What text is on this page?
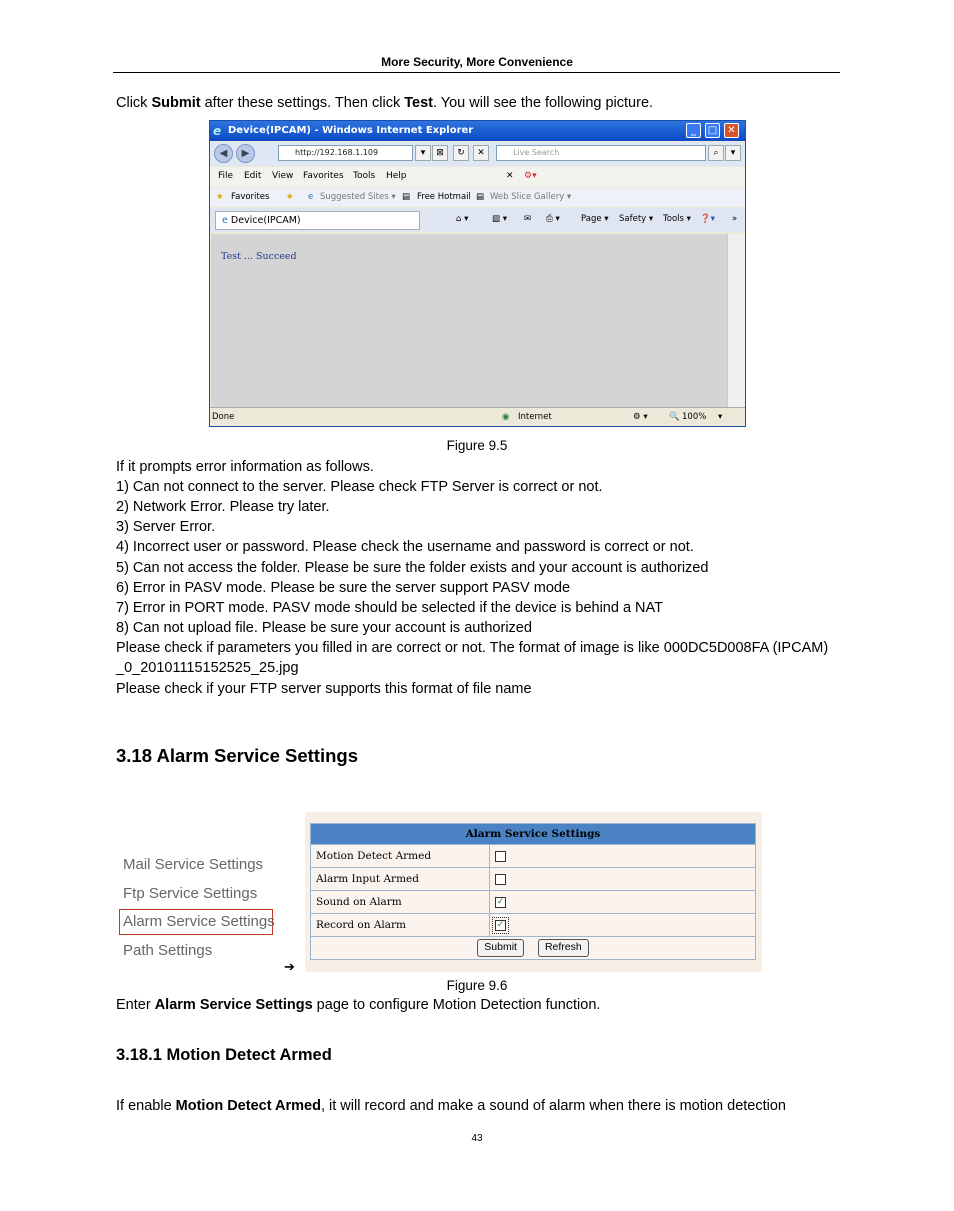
More Security, More Convenience
Click Submit after these settings. Then click Test. You will see the following picture.
e Device(IPCAM) - Windows Internet Explorer	_	□	✕
◀	▶	http://192.168.1.109	▾	⊠	↻	✕	Live Search	⌕	▾
File Edit View Favorites Tools Help	✕ ⚙▾
★ Favorites ★ e Suggested Sites ▾ ▤ Free Hotmail ▤ Web Slice Gallery ▾
e Device(IPCAM)	⌂ ▾	▧ ▾ ✉ ⎙ ▾ Page ▾ Safety ▾ Tools ▾ ❓▾ »
Test ... Succeed
Done	◉ Internet	⚙ ▾	🔍 100% ▾
Figure 9.5
If it prompts error information as follows.
1) Can not connect to the server. Please check FTP Server is correct or not.
2) Network Error. Please try later.
3) Server Error.
4) Incorrect user or password. Please check the username and password is correct or not.
5) Can not access the folder. Please be sure the folder exists and your account is authorized
6) Error in PASV mode. Please be sure the server support PASV mode
7) Error in PORT mode. PASV mode should be selected if the device is behind a NAT
8) Can not upload file. Please be sure your account is authorized
Please check if parameters you filled in are correct or not. The format of image is like 000DC5D008FA (IPCAM)
_0_20101115152525_25.jpg
Please check if your FTP server supports this format of file name
3.18 Alarm Service Settings
Mail Service Settings
Ftp Service Settings
Alarm Service Settings
Path Settings
➔
Alarm Service Settings	
Motion Detect Armed	
Alarm Input Armed	
Sound on Alarm	✓
Record on Alarm	✓
Submit Refresh	
Figure 9.6
Enter Alarm Service Settings page to configure Motion Detection function.
3.18.1 Motion Detect Armed
If enable Motion Detect Armed, it will record and make a sound of alarm when there is motion detection
43
